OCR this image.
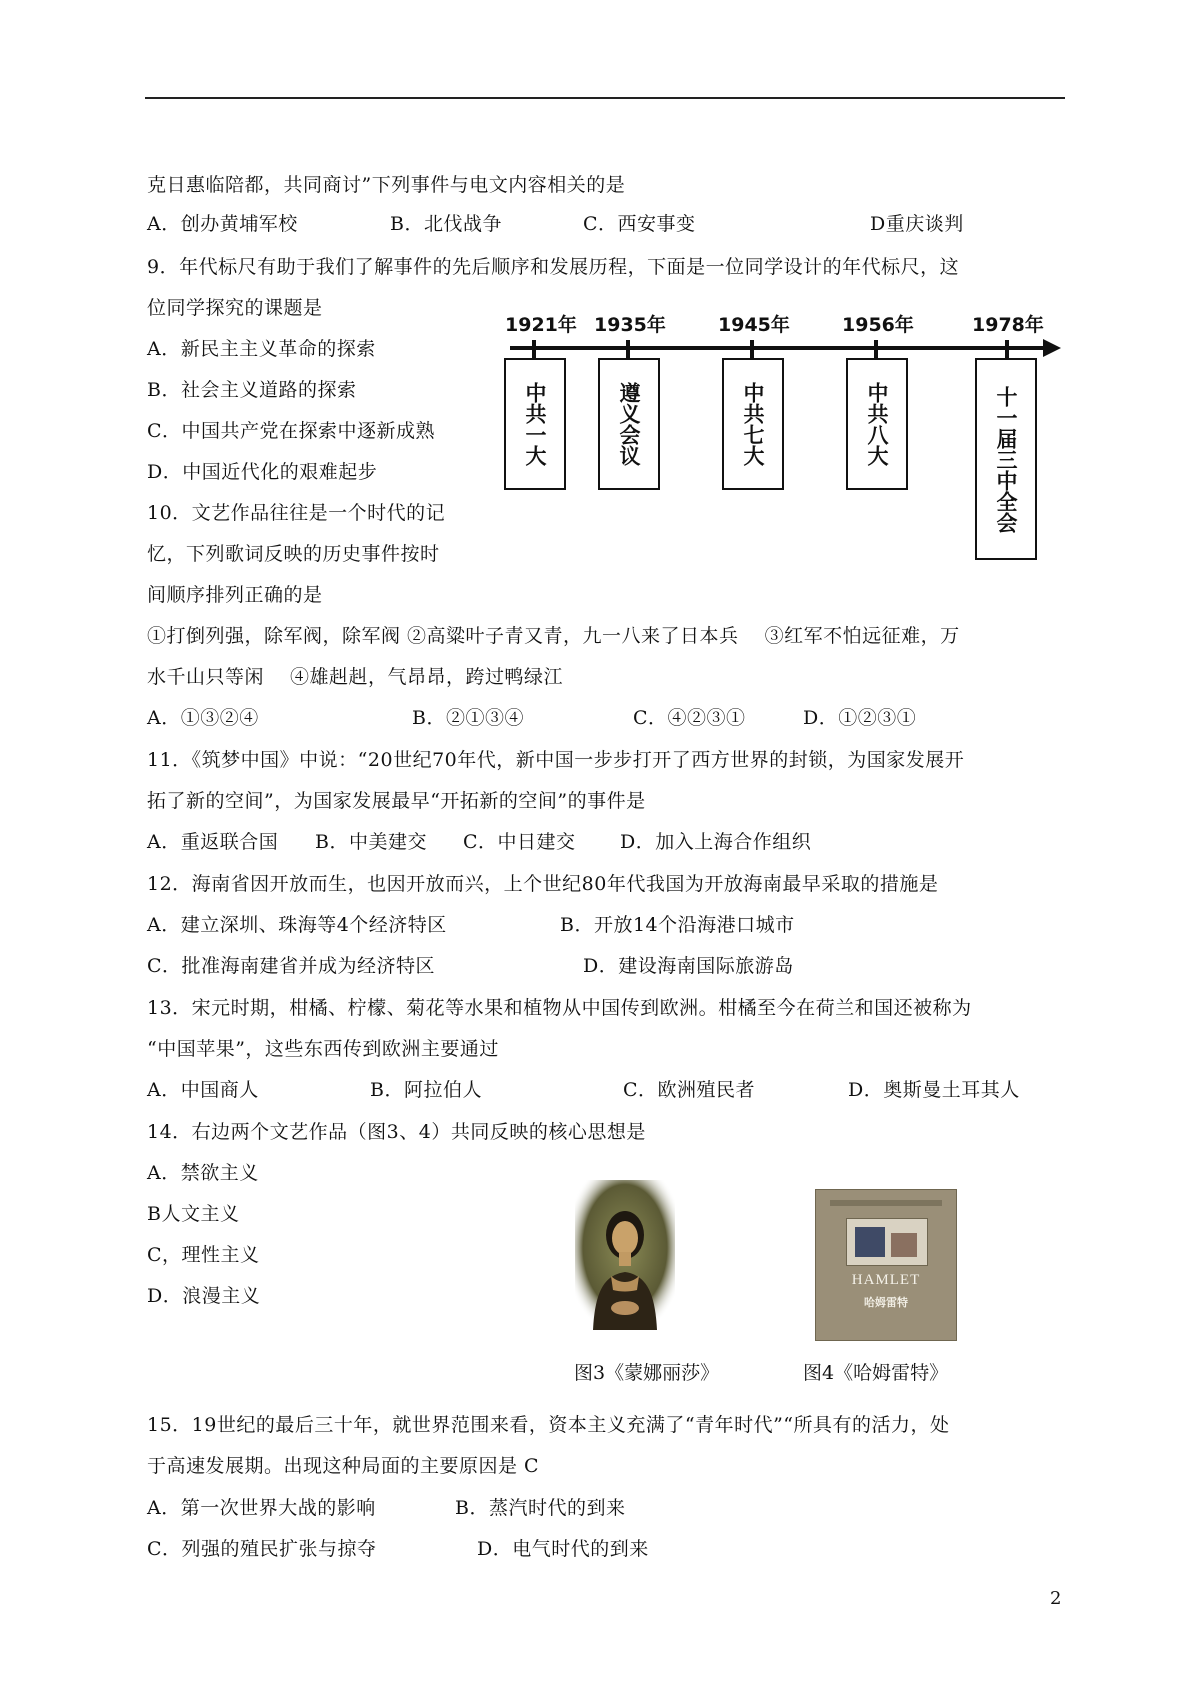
克日惠临陪都，共同商讨”下列事件与电文内容相关的是
A．创办黄埔军校	B．北伐战争	C．西安事变	D重庆谈判
9．年代标尺有助于我们了解事件的先后顺序和发展历程，下面是一位同学设计的年代标尺，这
位同学探究的课题是
A．新民主主义革命的探索
B．社会主义道路的探索
C．中国共产党在探索中逐新成熟
D．中国近代化的艰难起步
1921年 1935年	1945年	1956年	1978年
中共一大	遵义会议	中共七大	中共八大	十一届三中全会
10．文艺作品往往是一个时代的记
忆，下列歌词反映的历史事件按时
间顺序排列正确的是
①打倒列强，除军阀，除军阀 ②高粱叶子青又青，九一八来了日本兵　 ③红军不怕远征难，万
水千山只等闲　 ④雄赳赳，气昂昂，跨过鸭绿江
A．①③②④	B．②①③④	C．④②③①	D．①②③①
11．《筑梦中国》中说：“20世纪70年代，新中国一步步打开了西方世界的封锁，为国家发展开
拓了新的空间”，为国家发展最早“开拓新的空间”的事件是
A．重返联合国 B．中美建交 C．中日建交 D．加入上海合作组织
12．海南省因开放而生，也因开放而兴，上个世纪80年代我国为开放海南最早采取的措施是
A．建立深圳、珠海等4个经济特区	B．开放14个沿海港口城市
C．批准海南建省并成为经济特区	D．建设海南国际旅游岛
13．宋元时期，柑橘、柠檬、菊花等水果和植物从中国传到欧洲。柑橘至今在荷兰和国还被称为
“中国苹果”，这些东西传到欧洲主要通过
A．中国商人	B．阿拉伯人	C．欧洲殖民者	D．奥斯曼土耳其人
14．右边两个文艺作品（图3、4）共同反映的核心思想是
A．禁欲主义
B人文主义
C，理性主义
D．浪漫主义
HAMLET
哈姆雷特
图3《蒙娜丽莎》	图4《哈姆雷特》
15．19世纪的最后三十年，就世界范围来看，资本主义充满了“青年时代”“所具有的活力，处
于高速发展期。出现这种局面的主要原因是 C
A．第一次世界大战的影响	B．蒸汽时代的到来
C．列强的殖民扩张与掠夺	D．电气时代的到来
2
